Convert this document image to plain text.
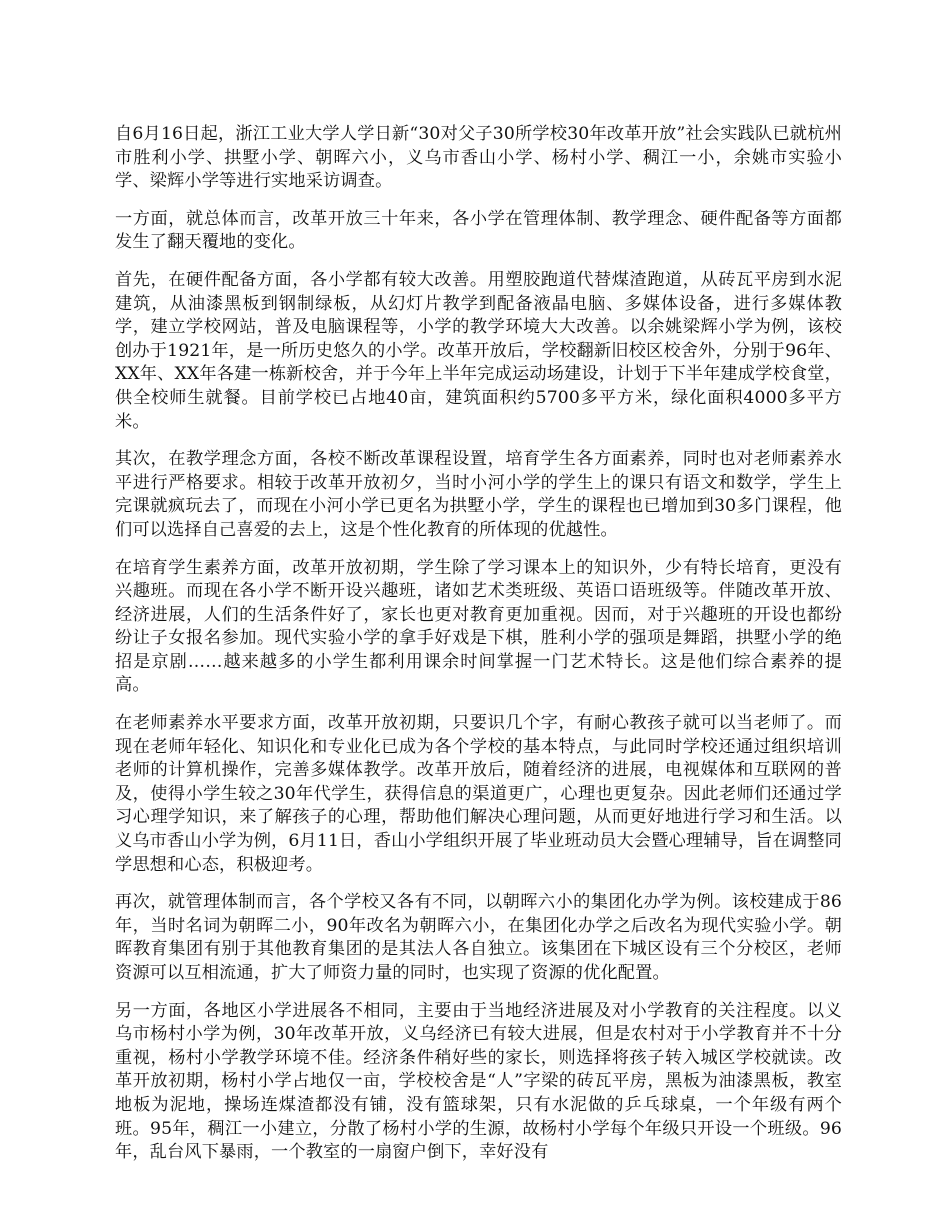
自6月16日起，浙江工业大学人学日新“30对父子30所学校30年改革开放”社会实践队已就杭州市胜利小学、拱墅小学、朝晖六小，义乌市香山小学、杨村小学、稠江一小，余姚市实验小学、梁辉小学等进行实地采访调查。

一方面，就总体而言，改革开放三十年来，各小学在管理体制、教学理念、硬件配备等方面都发生了翻天覆地的变化。

首先，在硬件配备方面，各小学都有较大改善。用塑胶跑道代替煤渣跑道，从砖瓦平房到水泥建筑，从油漆黑板到钢制绿板，从幻灯片教学到配备液晶电脑、多媒体设备，进行多媒体教学，建立学校网站，普及电脑课程等，小学的教学环境大大改善。以余姚梁辉小学为例，该校创办于1921年，是一所历史悠久的小学。改革开放后，学校翻新旧校区校舍外，分别于96年、XX年、XX年各建一栋新校舍，并于今年上半年完成运动场建设，计划于下半年建成学校食堂，供全校师生就餐。目前学校已占地40亩，建筑面积约5700多平方米，绿化面积4000多平方米。

其次，在教学理念方面，各校不断改革课程设置，培育学生各方面素养，同时也对老师素养水平进行严格要求。相较于改革开放初夕，当时小河小学的学生上的课只有语文和数学，学生上完课就疯玩去了，而现在小河小学已更名为拱墅小学，学生的课程也已增加到30多门课程，他们可以选择自己喜爱的去上，这是个性化教育的所体现的优越性。

在培育学生素养方面，改革开放初期，学生除了学习课本上的知识外，少有特长培育，更没有兴趣班。而现在各小学不断开设兴趣班，诸如艺术类班级、英语口语班级等。伴随改革开放、经济进展，人们的生活条件好了，家长也更对教育更加重视。因而，对于兴趣班的开设也都纷纷让子女报名参加。现代实验小学的拿手好戏是下棋，胜利小学的强项是舞蹈，拱墅小学的绝招是京剧……越来越多的小学生都利用课余时间掌握一门艺术特长。这是他们综合素养的提高。

在老师素养水平要求方面，改革开放初期，只要识几个字，有耐心教孩子就可以当老师了。而现在老师年轻化、知识化和专业化已成为各个学校的基本特点，与此同时学校还通过组织培训老师的计算机操作，完善多媒体教学。改革开放后，随着经济的进展，电视媒体和互联网的普及，使得小学生较之30年代学生，获得信息的渠道更广，心理也更复杂。因此老师们还通过学习心理学知识，来了解孩子的心理，帮助他们解决心理问题，从而更好地进行学习和生活。以义乌市香山小学为例，6月11日，香山小学组织开展了毕业班动员大会暨心理辅导，旨在调整同学思想和心态，积极迎考。

再次，就管理体制而言，各个学校又各有不同，以朝晖六小的集团化办学为例。该校建成于86年，当时名词为朝晖二小，90年改名为朝晖六小，在集团化办学之后改名为现代实验小学。朝晖教育集团有别于其他教育集团的是其法人各自独立。该集团在下城区设有三个分校区，老师资源可以互相流通，扩大了师资力量的同时，也实现了资源的优化配置。

另一方面，各地区小学进展各不相同，主要由于当地经济进展及对小学教育的关注程度。以义乌市杨村小学为例，30年改革开放，义乌经济已有较大进展，但是农村对于小学教育并不十分重视，杨村小学教学环境不佳。经济条件稍好些的家长，则选择将孩子转入城区学校就读。改革开放初期，杨村小学占地仅一亩，学校校舍是“人”字梁的砖瓦平房，黑板为油漆黑板，教室地板为泥地，操场连煤渣都没有铺，没有篮球架，只有水泥做的乒乓球桌，一个年级有两个班。95年，稠江一小建立，分散了杨村小学的生源，故杨村小学每个年级只开设一个班级。96年，乱台风下暴雨，一个教室的一扇窗户倒下，幸好没有
